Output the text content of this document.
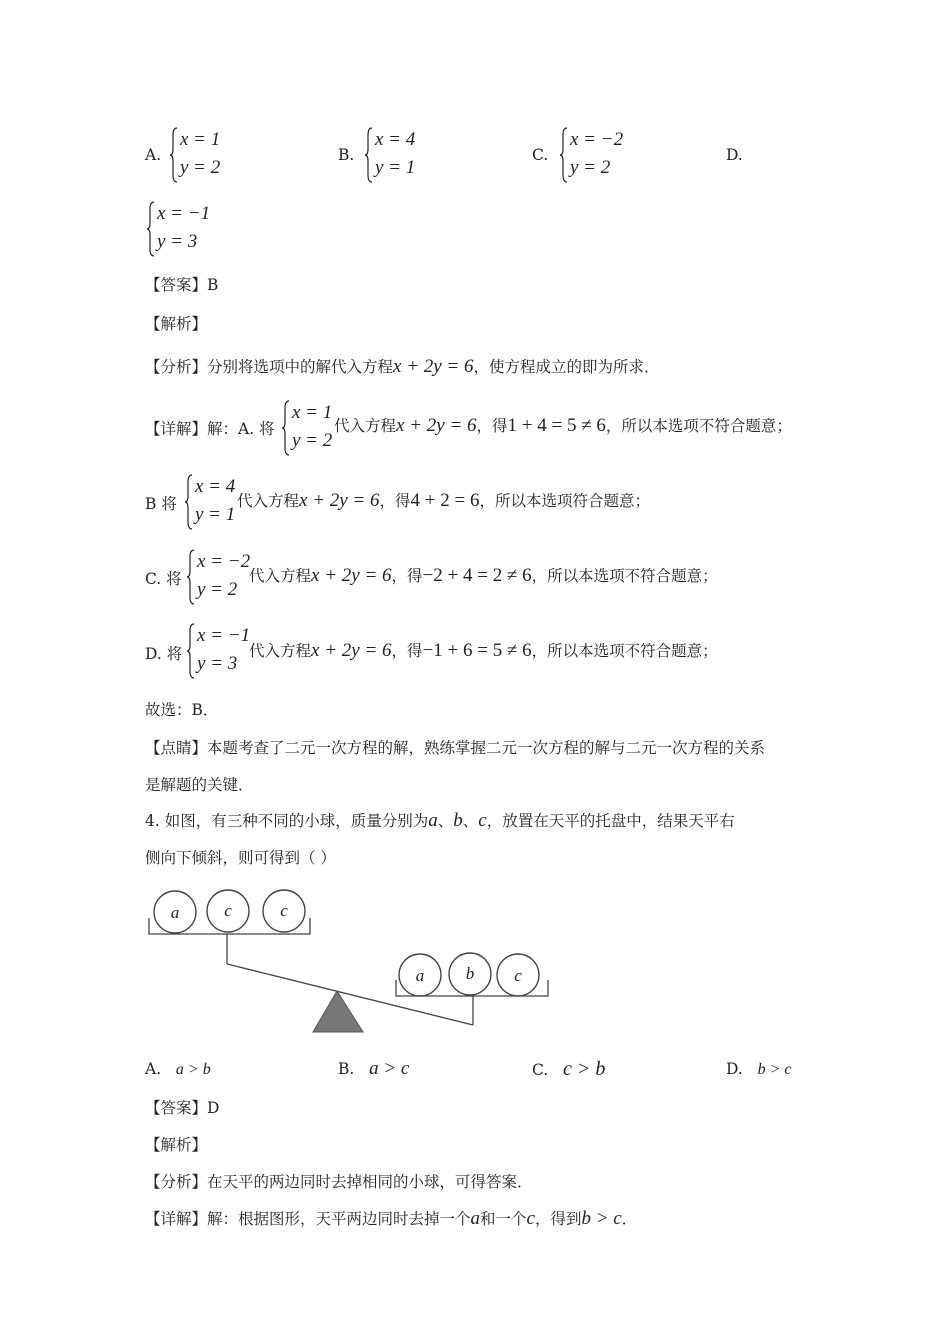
A.
x = 1
y = 2
B.
x = 4
y = 1
C.
x = −2
y = 2
D.
x = −1
y = 3
【答案】B
【解析】
【分析】分别将选项中的解代入方程x + 2y = 6，使方程成立的即为所求．
【详解】解：A. 将
x = 1
y = 2
代入方程x + 2y = 6，得1 + 4 = 5 ≠ 6，所以本选项不符合题意；
B 将
x = 4
y = 1
代入方程x + 2y = 6，得4 + 2 = 6，所以本选项符合题意；
C. 将
x = −2
y = 2
代入方程x + 2y = 6，得−2 + 4 = 2 ≠ 6，所以本选项不符合题意；
D. 将
x = −1
y = 3
代入方程x + 2y = 6，得−1 + 6 = 5 ≠ 6，所以本选项不符合题意；
故选：B．
【点睛】本题考查了二元一次方程的解，熟练掌握二元一次方程的解与二元一次方程的关系
是解题的关键．
4. 如图，有三种不同的小球，质量分别为a、b、c，放置在天平的托盘中，结果天平右
侧向下倾斜，则可得到（ ）
a	c	c
a b c
A. a > b	B. a > c	C. c > b	D. b > c
【答案】D
【解析】
【分析】在天平的两边同时去掉相同的小球，可得答案．
【详解】解：根据图形，天平两边同时去掉一个a和一个c，得到b > c．
